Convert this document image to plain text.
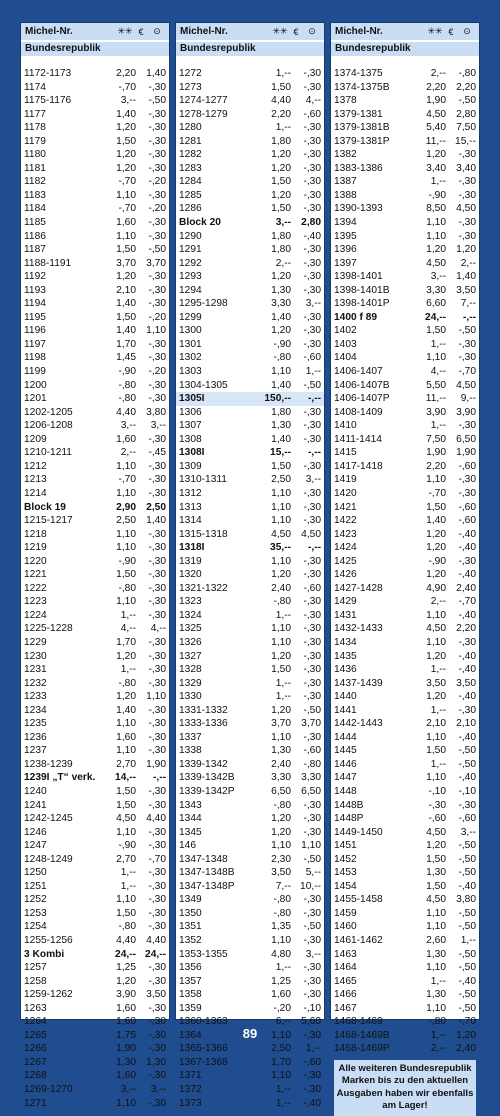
Michel-Nr.	✳✳ €	⊙
Bundesrepublik
1172-1173	2,20 1,40
1174	-,70	-,30
1175-1176	3,--	-,50
1177	1,40	-,30
1178	1,20	-,30
1179	1,50	-,30
1180	1,20	-,30
1181	1,20	-,30
1182	-,70	-,20
1183	1,10	-,30
1184	-,70	-,20
1185	1,60	-,30
1186	1,10	-,30
1187	1,50	-,50
1188-1191	3,70 3,70
1192	1,20	-,30
1193	2,10	-,30
1194	1,40	-,30
1195	1,50	-,20
1196	1,40 1,10
1197	1,70	-,30
1198	1,45	-,30
1199	-,90	-,20
1200	-,80	-,30
1201	-,80	-,30
1202-1205	4,40 3,80
1206-1208	3,--	3,--
1209	1,60	-,30
1210-1211	2,--	-,45
1212	1,10	-,30
1213	-,70	-,30
1214	1,10	-,30
Block 19	2,90 2,50
1215-1217	2,50 1,40
1218	1,10	-,30
1219	1,10	-,30
1220	-,90	-,30
1221	1,50	-,30
1222	-,80	-,30
1223	1,10	-,30
1224	1,--	-,30
1225-1228	4,--	4,--
1229	1,70	-,30
1230	1,20	-,30
1231	1,--	-,30
1232	-,80	-,30
1233	1,20 1,10
1234	1,40	-,30
1235	1,10	-,30
1236	1,60	-,30
1237	1,10	-,30
1238-1239	2,70 1,90
1239I „T“ verk.	14,--	-,--
1240	1,50	-,30
1241	1,50	-,30
1242-1245	4,50 4,40
1246	1,10	-,30
1247	-,90	-,30
1248-1249	2,70	-,70
1250	1,--	-,30
1251	1,--	-,30
1252	1,10	-,30
1253	1,50	-,30
1254	-,80	-,30
1255-1256	4,40 4,40
3 Kombi	24,-- 24,--
1257	1,25	-,30
1258	1,20	-,30
1259-1262	3,90 3,50
1263	1,60	-,30
1264	1,60	-,30
1265	1,75	-,30
1266	1,90	-,30
1267	1,30 1,30
1268	1,60	-,30
1269-1270	3,--	3,--
1271	1,10	-,30
Michel-Nr.	✳✳ €	⊙
Bundesrepublik
1272	1,--	-,30
1273	1,50	-,30
1274-1277	4,40	4,--
1278-1279	2,20	-,60
1280	1,--	-,30
1281	1,80	-,30
1282	1,20	-,30
1283	1,20	-,30
1284	1,50	-,30
1285	1,20	-,30
1286	1,50	-,30
Block 20	3,-- 2,80
1290	1,80	-,40
1291	1,80	-,30
1292	2,--	-,30
1293	1,20	-,30
1294	1,30	-,30
1295-1298	3,30	3,--
1299	1,40	-,30
1300	1,20	-,30
1301	-,90	-,30
1302	-,80	-,60
1303	1,10	1,--
1304-1305	1,40	-,50
1305I	150,--	-,--
1306	1,80	-,30
1307	1,30	-,30
1308	1,40	-,30
1308I	15,--	-,--
1309	1,50	-,30
1310-1311	2,50	3,--
1312	1,10	-,30
1313	1,10	-,30
1314	1,10	-,30
1315-1318	4,50 4,50
1318I	35,--	-,--
1319	1,10	-,30
1320	1,20	-,30
1321-1322	2,40	-,60
1323	-,80	-,30
1324	1,--	-,30
1325	1,10	-,30
1326	1,10	-,30
1327	1,20	-,30
1328	1,50	-,30
1329	1,--	-,30
1330	1,--	-,30
1331-1332	1,20	-,50
1333-1336	3,70 3,70
1337	1,10	-,30
1338	1,30	-,60
1339-1342	2,40	-,80
1339-1342B	3,30 3,30
1339-1342P	6,50 6,50
1343	-,80	-,30
1344	1,20	-,30
1345	1,20	-,30
146	1,10 1,10
1347-1348	2,30	-,50
1347-1348B	3,50	5,--
1347-1348P	7,-- 10,--
1349	-,80	-,30
1350	-,80	-,30
1351	1,35	-,50
1352	1,10	-,30
1353-1355	4,80	3,--
1356	1,--	-,30
1357	1,25	-,30
1358	1,60	-,30
1359	-,20	-,10
1360-1363	6,-- 5,60
1364	1,10	-,30
1365-1366	2,50	1,--
1367-1368	1,70	-,60
1371	1,10	-,30
1372	1,--	-,30
1373	1,--	-,40
Michel-Nr.	✳✳ €	⊙
Bundesrepublik
1374-1375	2,--	-,80
1374-1375B	2,20 2,20
1378	1,90	-,50
1379-1381	4,50 2,80
1379-1381B	5,40 7,50
1379-1381P	11,-- 15,--
1382	1,20	-,30
1383-1386	3,40 3,40
1387	1,--	-,30
1388	-,90	-,30
1390-1393	8,50 4,50
1394	1,10	-,30
1395	1,10	-,30
1396	1,20 1,20
1397	4,50	2,--
1398-1401	3,-- 1,40
1398-1401B	3,30 3,50
1398-1401P	6,60	7,--
1400 f 89	24,--	-,--
1402	1,50	-,50
1403	1,--	-,30
1404	1,10	-,30
1406-1407	4,--	-,70
1406-1407B	5,50 4,50
1406-1407P	11,--	9,--
1408-1409	3,90 3,90
1410	1,--	-,30
1411-1414	7,50 6,50
1415	1,90 1,90
1417-1418	2,20	-,60
1419	1,10	-,30
1420	-,70	-,30
1421	1,50	-,60
1422	1,40	-,60
1423	1,20	-,40
1424	1,20	-,40
1425	-,90	-,30
1426	1,20	-,40
1427-1428	4,90 2,40
1429	2,--	-,70
1431	1,10	-,40
1432-1433	4,50 2,20
1434	1,10	-,30
1435	1,20	-,40
1436	1,--	-,40
1437-1439	3,50 3,50
1440	1,20	-,40
1441	1,--	-,30
1442-1443	2,10 2,10
1444	1,10	-,40
1445	1,50	-,50
1446	1,--	-,50
1447	1,10	-,40
1448	-,10	-,10
1448B	-,30	-,30
1448P	-,60	-,60
1449-1450	4,50	3,--
1451	1,20	-,50
1452	1,50	-,50
1453	1,30	-,50
1454	1,50	-,40
1455-1458	4,50 3,80
1459	1,10	-,50
1460	1,10	-,50
1461-1462	2,60	1,--
1463	1,30	-,50
1464	1,10	-,50
1465	1,--	-,40
1466	1,30	-,50
1467	1,10	-,50
1468-1469	-,80	-,70
1468-1469B	1,-- 1,20
1468-1469P	2,-- 2,40
Alle weiteren Bundesrepublik Marken bis zu den aktuellen Ausgaben haben wir ebenfalls am Lager!
89
